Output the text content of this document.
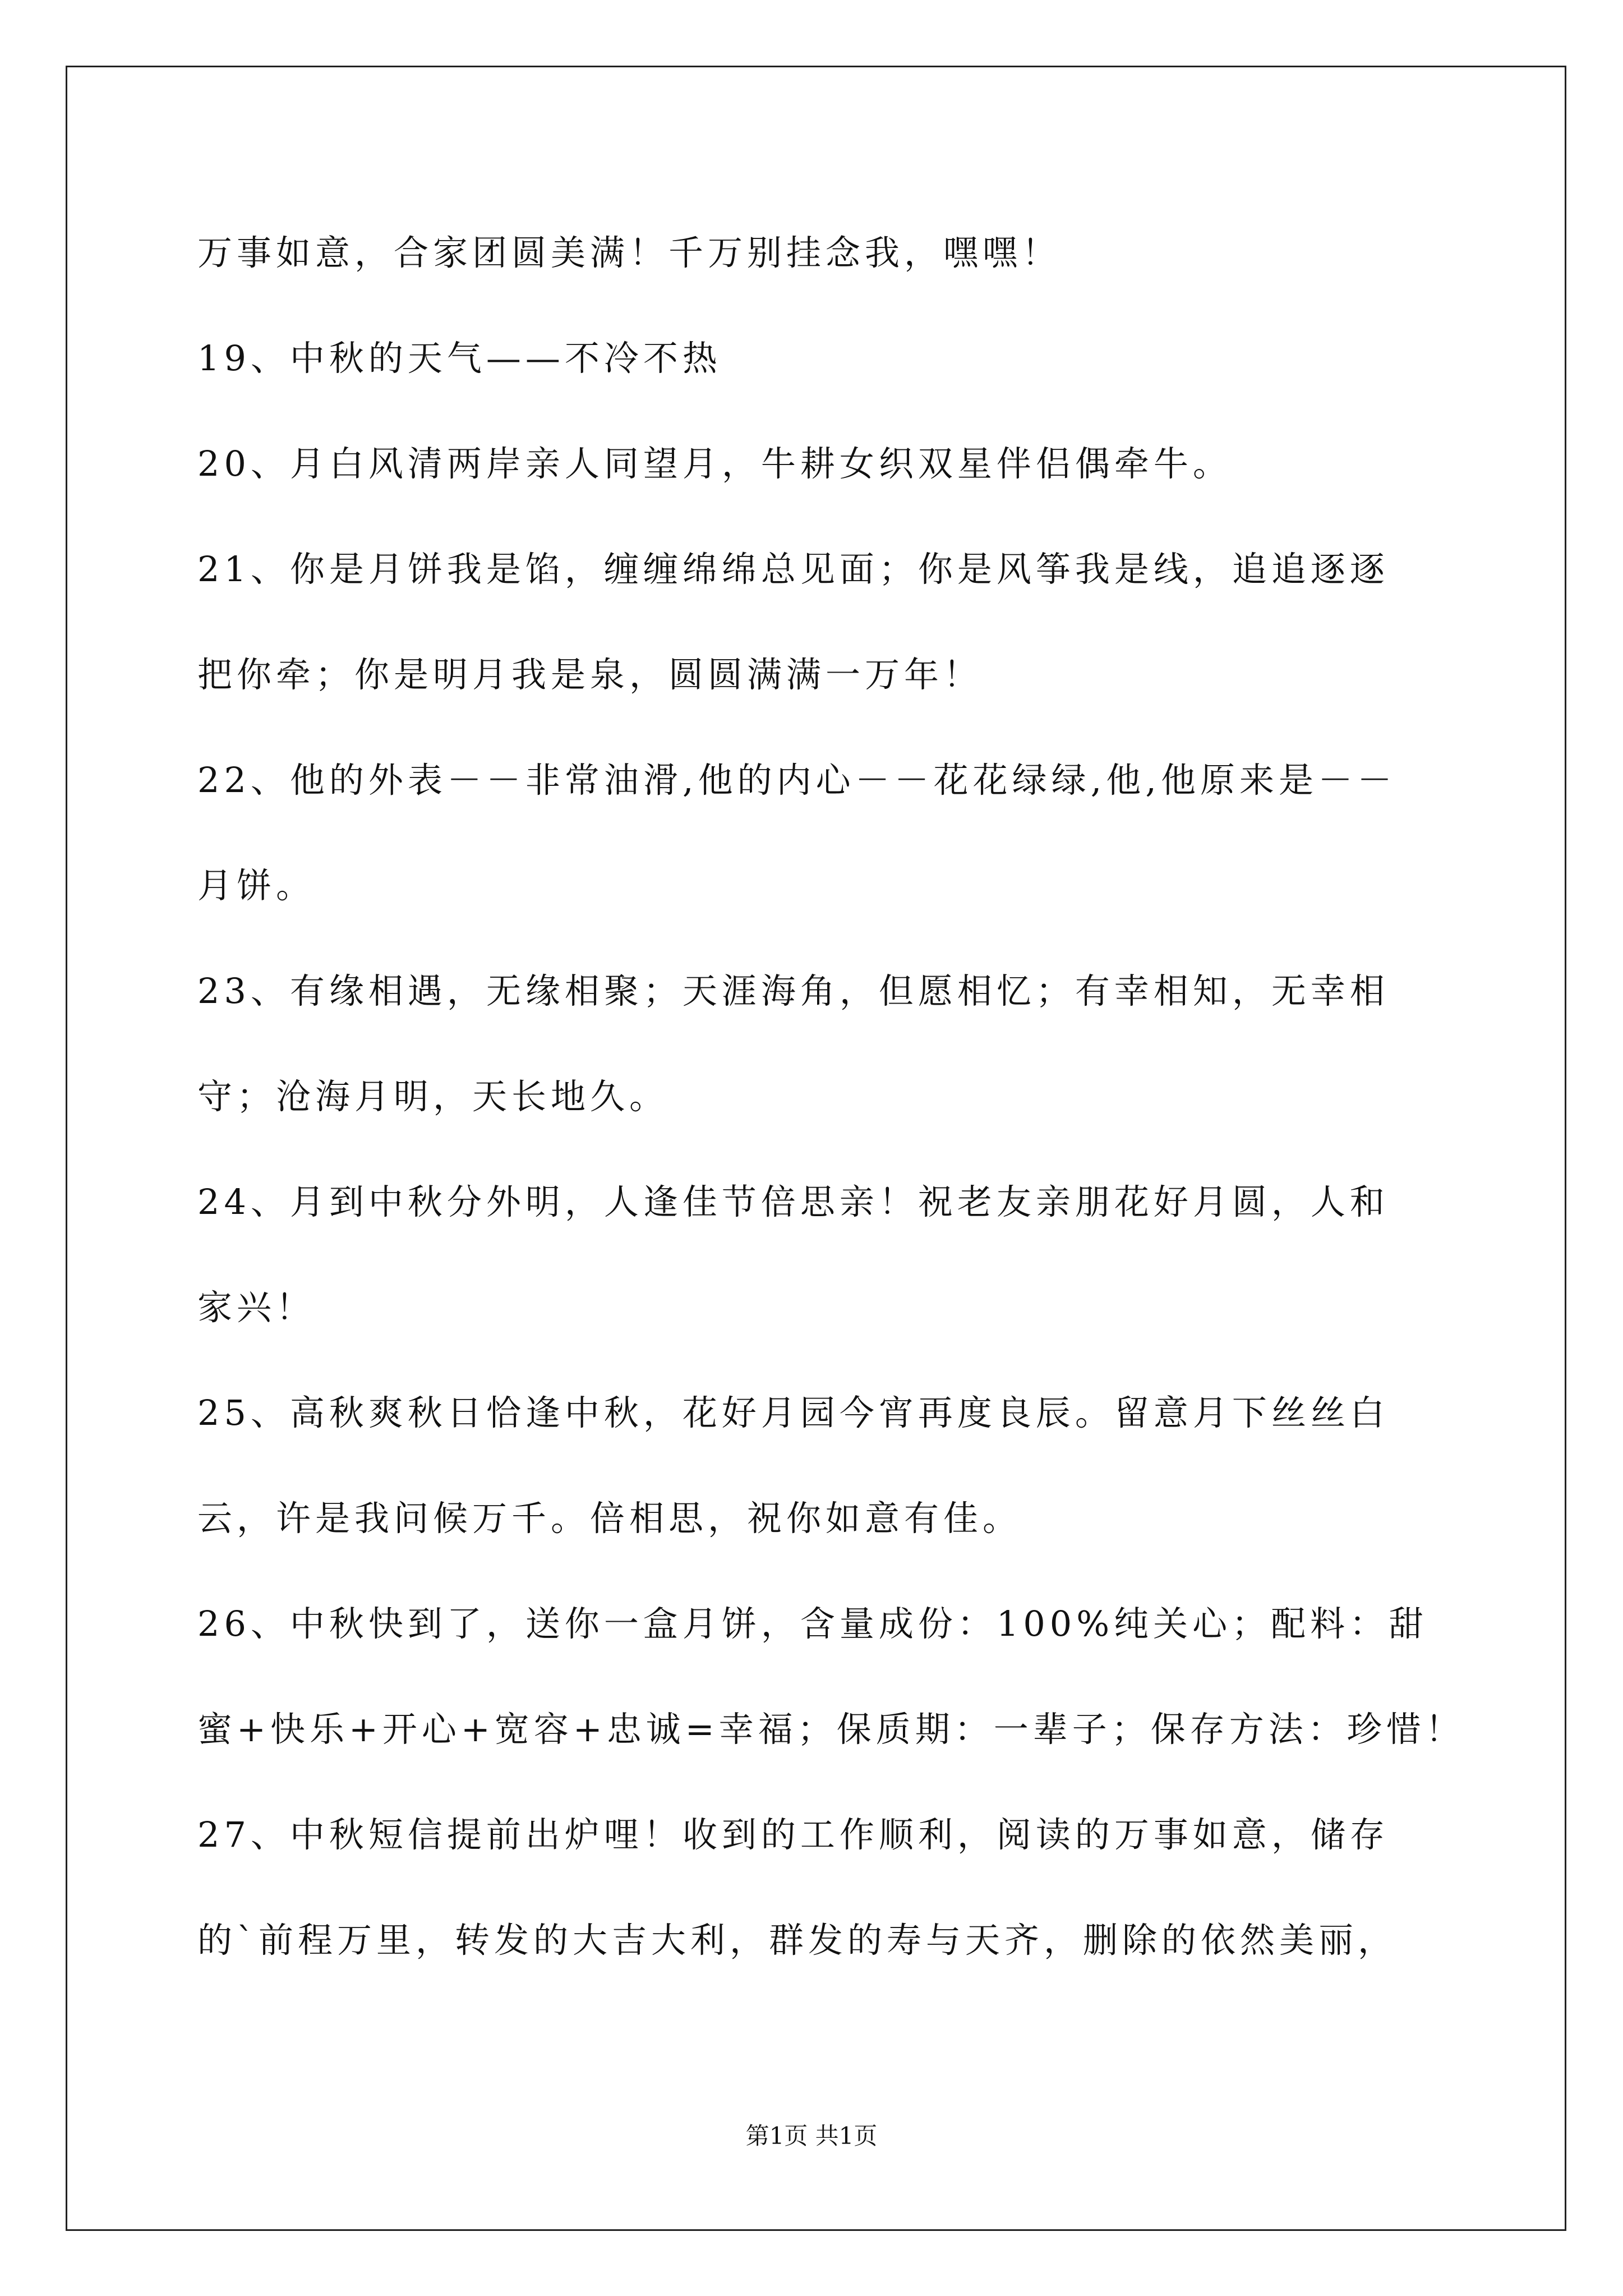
万事如意，合家团圆美满！千万别挂念我，嘿嘿！
19、中秋的天气——不冷不热
20、月白风清两岸亲人同望月，牛耕女织双星伴侣偶牵牛。
21、你是月饼我是馅，缠缠绵绵总见面；你是风筝我是线，追追逐逐
把你牵；你是明月我是泉，圆圆满满一万年！
22、他的外表－－非常油滑,他的内心－－花花绿绿,他,他原来是－－
月饼。
23、有缘相遇，无缘相聚；天涯海角，但愿相忆；有幸相知，无幸相
守；沧海月明，天长地久。
24、月到中秋分外明，人逢佳节倍思亲！祝老友亲朋花好月圆，人和
家兴！
25、高秋爽秋日恰逢中秋，花好月园今宵再度良辰。留意月下丝丝白
云，许是我问候万千。倍相思，祝你如意有佳。
26、中秋快到了，送你一盒月饼，含量成份：100%纯关心；配料：甜
蜜+快乐+开心+宽容+忠诚=幸福；保质期：一辈子；保存方法：珍惜！
27、中秋短信提前出炉哩！收到的工作顺利，阅读的万事如意，储存
的`前程万里，转发的大吉大利，群发的寿与天齐，删除的依然美丽，
第1页 共1页
